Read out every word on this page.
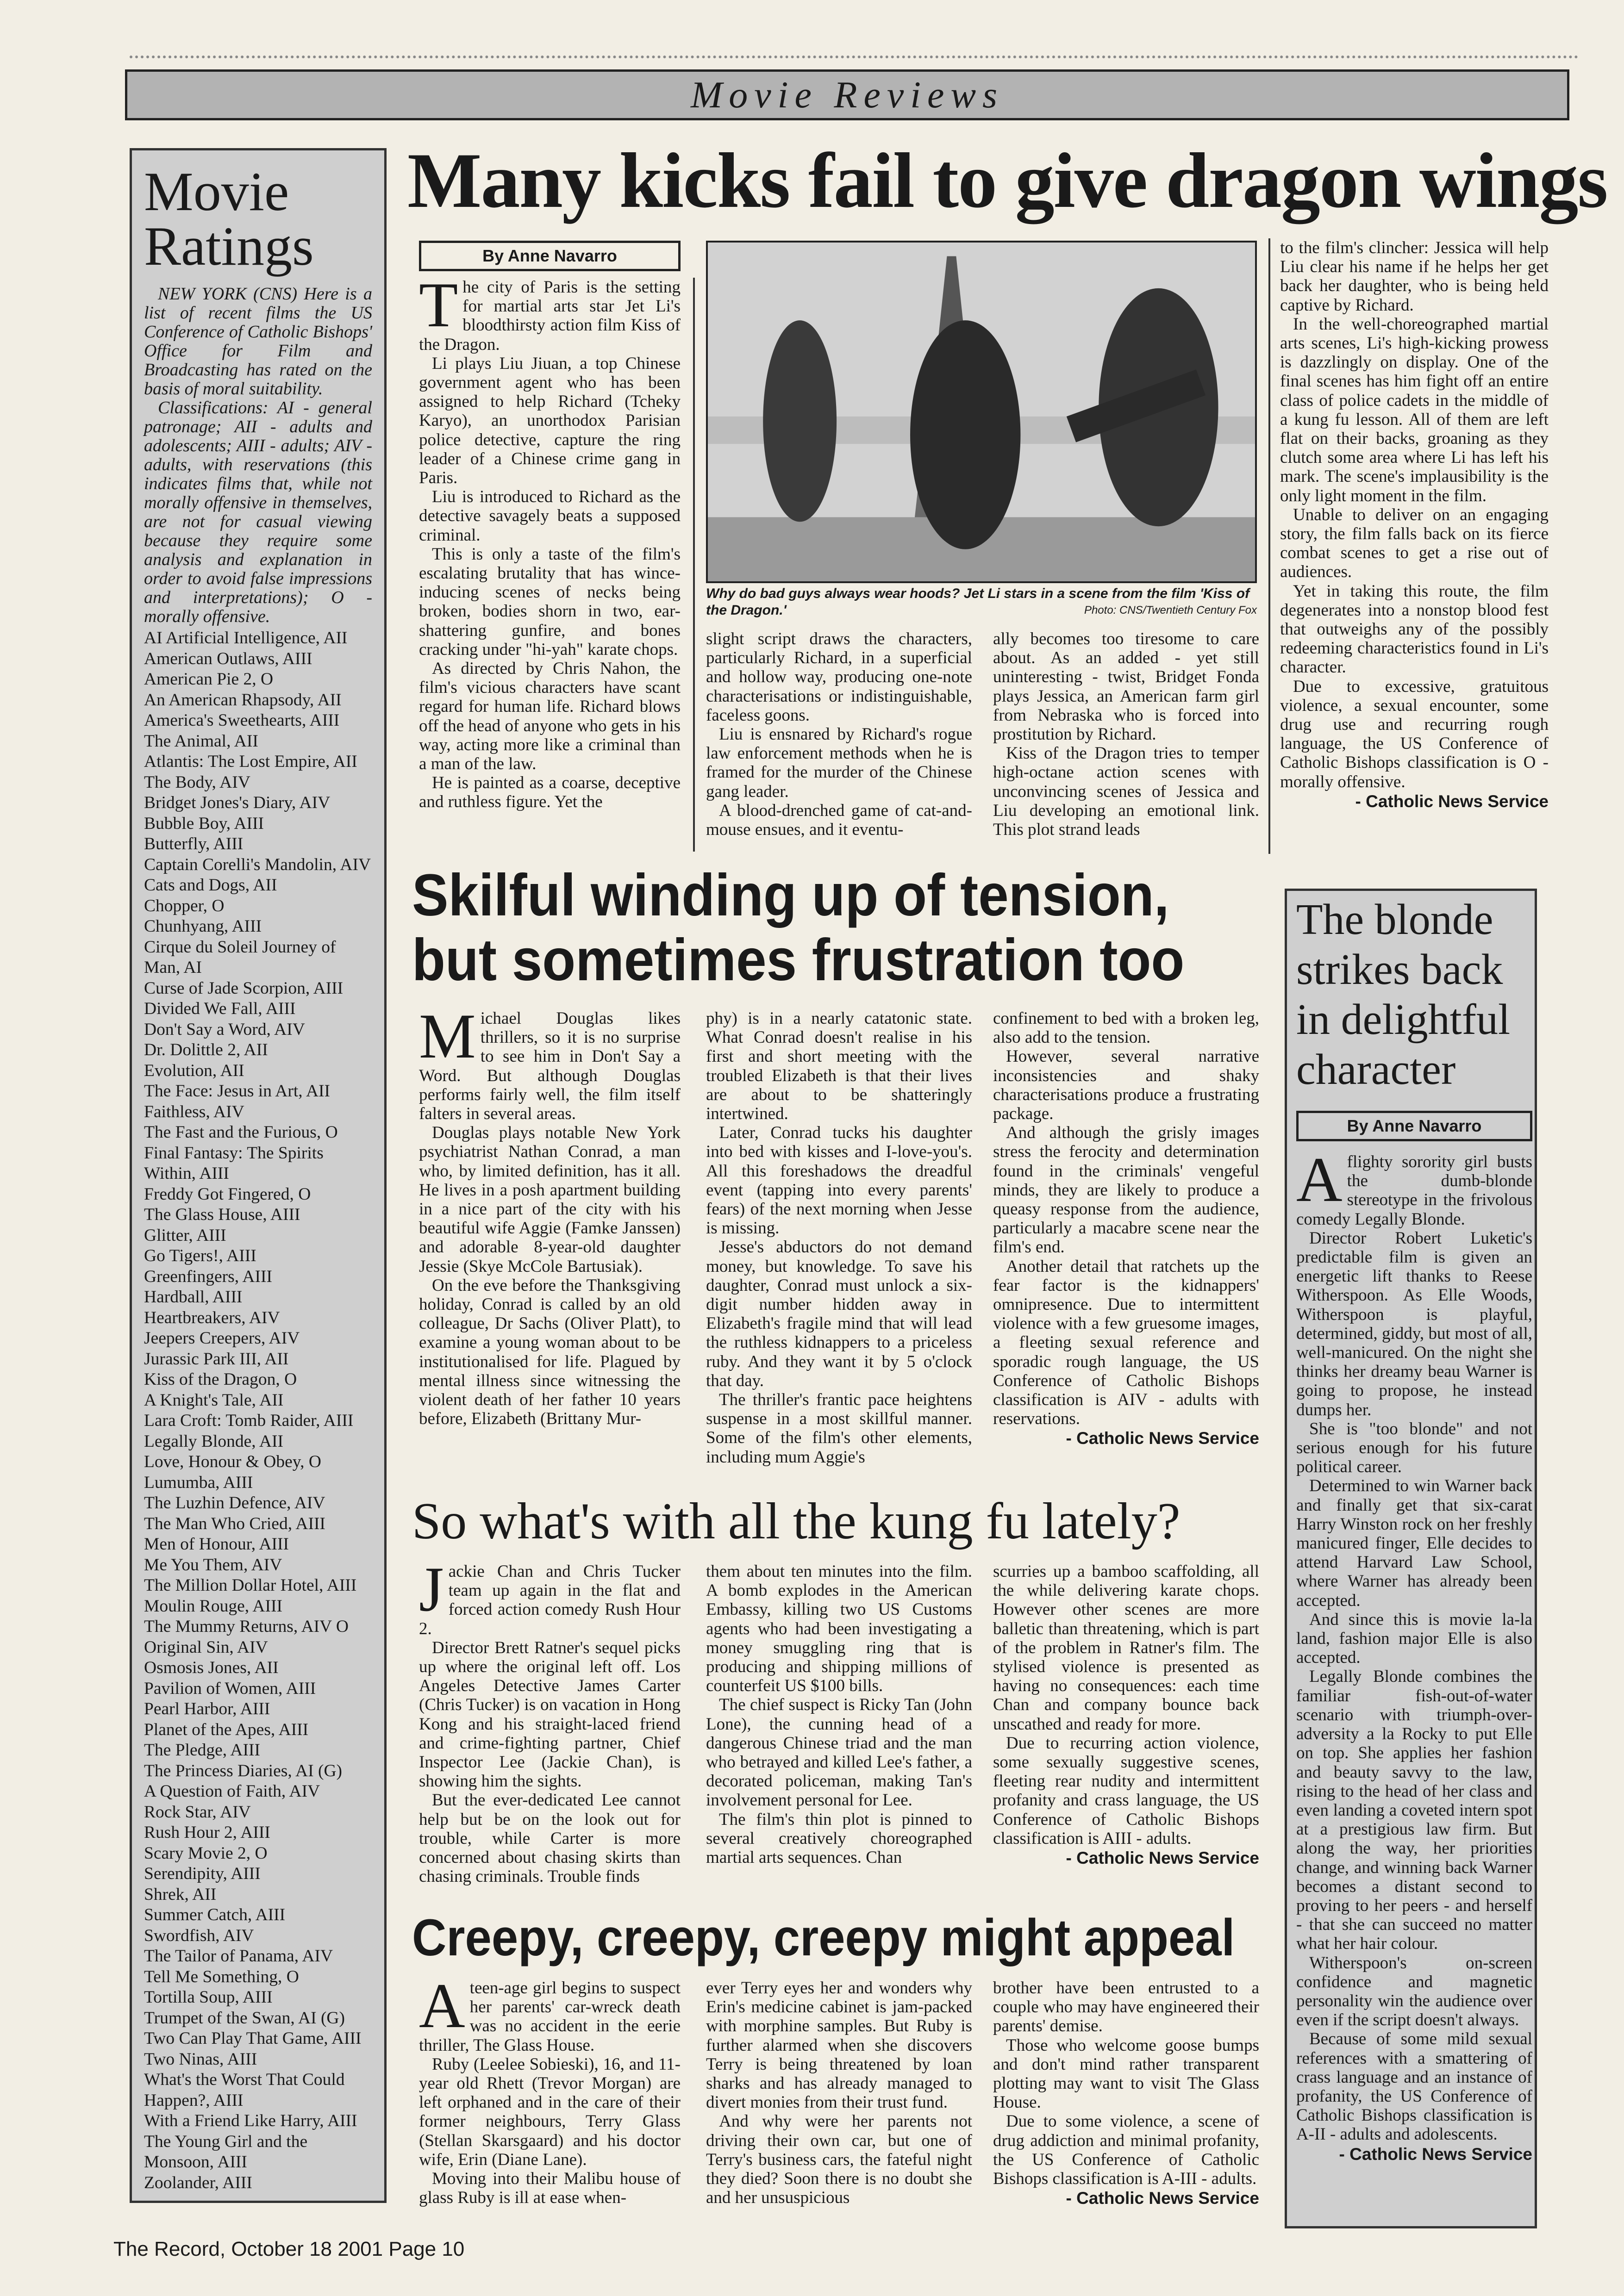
Movie Reviews
Movie Ratings

NEW YORK (CNS) Here is a list of recent films the US Conference of Catholic Bishops' Office for Film and Broadcasting has rated on the basis of moral suitability.

Classifications: AI - general patronage; AII - adults and adolescents; AIII - adults; AIV - adults, with reservations (this indicates films that, while not morally offensive in themselves, are not for casual viewing because they require some analysis and explanation in order to avoid false impressions and interpretations); O - morally offensive.

AI Artificial Intelligence, AII
American Outlaws, AIII
American Pie 2, O
An American Rhapsody, AII
America's Sweethearts, AIII
The Animal, AII
Atlantis: The Lost Empire, AII
The Body, AIV
Bridget Jones's Diary, AIV
Bubble Boy, AIII
Butterfly, AIII
Captain Corelli's Mandolin, AIV
Cats and Dogs, AII
Chopper, O
Chunhyang, AIII
Cirque du Soleil Journey of Man, AI
Curse of Jade Scorpion, AIII
Divided We Fall, AIII
Don't Say a Word, AIV
Dr. Dolittle 2, AII
Evolution, AII
The Face: Jesus in Art, AII
Faithless, AIV
The Fast and the Furious, O
Final Fantasy: The Spirits Within, AIII
Freddy Got Fingered, O
The Glass House, AIII
Glitter, AIII
Go Tigers!, AIII
Greenfingers, AIII
Hardball, AIII
Heartbreakers, AIV
Jeepers Creepers, AIV
Jurassic Park III, AII
Kiss of the Dragon, O
A Knight's Tale, AII
Lara Croft: Tomb Raider, AIII
Legally Blonde, AII
Love, Honour & Obey, O
Lumumba, AIII
The Luzhin Defence, AIV
The Man Who Cried, AIII
Men of Honour, AIII
Me You Them, AIV
The Million Dollar Hotel, AIII
Moulin Rouge, AIII
The Mummy Returns, AIV O
Original Sin, AIV
Osmosis Jones, AII
Pavilion of Women, AIII
Pearl Harbor, AIII
Planet of the Apes, AIII
The Pledge, AIII
The Princess Diaries, AI (G)
A Question of Faith, AIV
Rock Star, AIV
Rush Hour 2, AIII
Scary Movie 2, O
Serendipity, AIII
Shrek, AII
Summer Catch, AIII
Swordfish, AIV
The Tailor of Panama, AIV
Tell Me Something, O
Tortilla Soup, AIII
Trumpet of the Swan, AI (G)
Two Can Play That Game, AIII
Two Ninas, AIII
What's the Worst That Could Happen?, AIII
With a Friend Like Harry, AIII
The Young Girl and the Monsoon, AIII
Zoolander, AIII
Many kicks fail to give dragon wings
By Anne Navarro

The city of Paris is the setting for martial arts star Jet Li's bloodthirsty action film Kiss of the Dragon.

Li plays Liu Jiuan, a top Chinese government agent who has been assigned to help Richard (Tcheky Karyo), an unorthodox Parisian police detective, capture the ring leader of a Chinese crime gang in Paris.

Liu is introduced to Richard as the detective savagely beats a supposed criminal.

This is only a taste of the film's escalating brutality that has wince-inducing scenes of necks being broken, bodies shorn in two, ear-shattering gunfire, and bones cracking under "hi-yah" karate chops.

As directed by Chris Nahon, the film's vicious characters have scant regard for human life. Richard blows off the head of anyone who gets in his way, acting more like a criminal than a man of the law.

He is painted as a coarse, deceptive and ruthless figure. Yet the

Why do bad guys always wear hoods? Jet Li stars in a scene from the film 'Kiss of the Dragon.'	Photo: CNS/Twentieth Century Fox

slight script draws the characters, particularly Richard, in a superficial and hollow way, producing one-note characterisations or indistinguishable, faceless goons.

Liu is ensnared by Richard's rogue law enforcement methods when he is framed for the murder of the Chinese gang leader.

A blood-drenched game of cat-and-mouse ensues, and it eventu-

ally becomes too tiresome to care about. As an added - yet still uninteresting - twist, Bridget Fonda plays Jessica, an American farm girl from Nebraska who is forced into prostitution by Richard.

Kiss of the Dragon tries to temper high-octane action scenes with unconvincing scenes of Jessica and Liu developing an emotional link. This plot strand leads

to the film's clincher: Jessica will help Liu clear his name if he helps her get back her daughter, who is being held captive by Richard.

In the well-choreographed martial arts scenes, Li's high-kicking prowess is dazzlingly on display. One of the final scenes has him fight off an entire class of police cadets in the middle of a kung fu lesson. All of them are left flat on their backs, groaning as they clutch some area where Li has left his mark. The scene's implausibility is the only light moment in the film.

Unable to deliver on an engaging story, the film falls back on its fierce combat scenes to get a rise out of audiences.

Yet in taking this route, the film degenerates into a nonstop blood fest that outweighs any of the possibly redeeming characteristics found in Li's character.

Due to excessive, gratuitous violence, a sexual encounter, some drug use and recurring rough language, the US Conference of Catholic Bishops classification is O - morally offensive.

- Catholic News Service
Skilful winding up of tension,
but sometimes frustration too

Michael Douglas likes thrillers, so it is no surprise to see him in Don't Say a Word. But although Douglas performs fairly well, the film itself falters in several areas.

Douglas plays notable New York psychiatrist Nathan Conrad, a man who, by limited definition, has it all. He lives in a posh apartment building in a nice part of the city with his beautiful wife Aggie (Famke Janssen) and adorable 8-year-old daughter Jessie (Skye McCole Bartusiak).

On the eve before the Thanksgiving holiday, Conrad is called by an old colleague, Dr Sachs (Oliver Platt), to examine a young woman about to be institutionalised for life. Plagued by mental illness since witnessing the violent death of her father 10 years before, Elizabeth (Brittany Mur-

phy) is in a nearly catatonic state. What Conrad doesn't realise in his first and short meeting with the troubled Elizabeth is that their lives are about to be shatteringly intertwined.

Later, Conrad tucks his daughter into bed with kisses and I-love-you's. All this foreshadows the dreadful event (tapping into every parents' fears) of the next morning when Jesse is missing.

Jesse's abductors do not demand money, but knowledge. To save his daughter, Conrad must unlock a six-digit number hidden away in Elizabeth's fragile mind that will lead the ruthless kidnappers to a priceless ruby. And they want it by 5 o'clock that day.

The thriller's frantic pace heightens suspense in a most skillful manner. Some of the film's other elements, including mum Aggie's

confinement to bed with a broken leg, also add to the tension.

However, several narrative inconsistencies and shaky characterisations produce a frustrating package.

And although the grisly images stress the ferocity and determination found in the criminals' vengeful minds, they are likely to produce a queasy response from the audience, particularly a macabre scene near the film's end.

Another detail that ratchets up the fear factor is the kidnappers' omnipresence. Due to intermittent violence with a few gruesome images, a fleeting sexual reference and sporadic rough language, the US Conference of Catholic Bishops classification is AIV - adults with reservations.

- Catholic News Service
So what's with all the kung fu lately?

Jackie Chan and Chris Tucker team up again in the flat and forced action comedy Rush Hour 2.

Director Brett Ratner's sequel picks up where the original left off. Los Angeles Detective James Carter (Chris Tucker) is on vacation in Hong Kong and his straight-laced friend and crime-fighting partner, Chief Inspector Lee (Jackie Chan), is showing him the sights.

But the ever-dedicated Lee cannot help but be on the look out for trouble, while Carter is more concerned about chasing skirts than chasing criminals. Trouble finds

them about ten minutes into the film. A bomb explodes in the American Embassy, killing two US Customs agents who had been investigating a money smuggling ring that is producing and shipping millions of counterfeit US $100 bills.

The chief suspect is Ricky Tan (John Lone), the cunning head of a dangerous Chinese triad and the man who betrayed and killed Lee's father, a decorated policeman, making Tan's involvement personal for Lee.

The film's thin plot is pinned to several creatively choreographed martial arts sequences. Chan

scurries up a bamboo scaffolding, all the while delivering karate chops. However other scenes are more balletic than threatening, which is part of the problem in Ratner's film. The stylised violence is presented as having no consequences: each time Chan and company bounce back unscathed and ready for more.

Due to recurring action violence, some sexually suggestive scenes, fleeting rear nudity and intermittent profanity and crass language, the US Conference of Catholic Bishops classification is AIII - adults.

- Catholic News Service
Creepy, creepy, creepy might appeal

Ateen-age girl begins to suspect her parents' car-wreck death was no accident in the eerie thriller, The Glass House.

Ruby (Leelee Sobieski), 16, and 11-year old Rhett (Trevor Morgan) are left orphaned and in the care of their former neighbours, Terry Glass (Stellan Skarsgaard) and his doctor wife, Erin (Diane Lane).

Moving into their Malibu house of glass Ruby is ill at ease when-

ever Terry eyes her and wonders why Erin's medicine cabinet is jam-packed with morphine samples. But Ruby is further alarmed when she discovers Terry is being threatened by loan sharks and has already managed to divert monies from their trust fund.

And why were her parents not driving their own car, but one of Terry's business cars, the fateful night they died? Soon there is no doubt she and her unsuspicious

brother have been entrusted to a couple who may have engineered their parents' demise.

Those who welcome goose bumps and don't mind rather transparent plotting may want to visit The Glass House.

Due to some violence, a scene of drug addiction and minimal profanity, the US Conference of Catholic Bishops classification is A-III - adults.

- Catholic News Service
The blonde strikes back in delightful character
By Anne Navarro

Aflighty sorority girl busts the dumb-blonde stereotype in the frivolous comedy Legally Blonde.

Director Robert Luketic's predictable film is given an energetic lift thanks to Reese Witherspoon. As Elle Woods, Witherspoon is playful, determined, giddy, but most of all, well-manicured. On the night she thinks her dreamy beau Warner is going to propose, he instead dumps her.

She is "too blonde" and not serious enough for his future political career.

Determined to win Warner back and finally get that six-carat Harry Winston rock on her freshly manicured finger, Elle decides to attend Harvard Law School, where Warner has already been accepted.

And since this is movie la-la land, fashion major Elle is also accepted.

Legally Blonde combines the familiar fish-out-of-water scenario with triumph-over-adversity a la Rocky to put Elle on top. She applies her fashion and beauty savvy to the law, rising to the head of her class and even landing a coveted intern spot at a prestigious law firm. But along the way, her priorities change, and winning back Warner becomes a distant second to proving to her peers - and herself - that she can succeed no matter what her hair colour.

Witherspoon's on-screen confidence and magnetic personality win the audience over even if the script doesn't always.

Because of some mild sexual references with a smattering of crass language and an instance of profanity, the US Conference of Catholic Bishops classification is A-II - adults and adolescents.

- Catholic News Service
The Record, October 18 2001 Page 10
